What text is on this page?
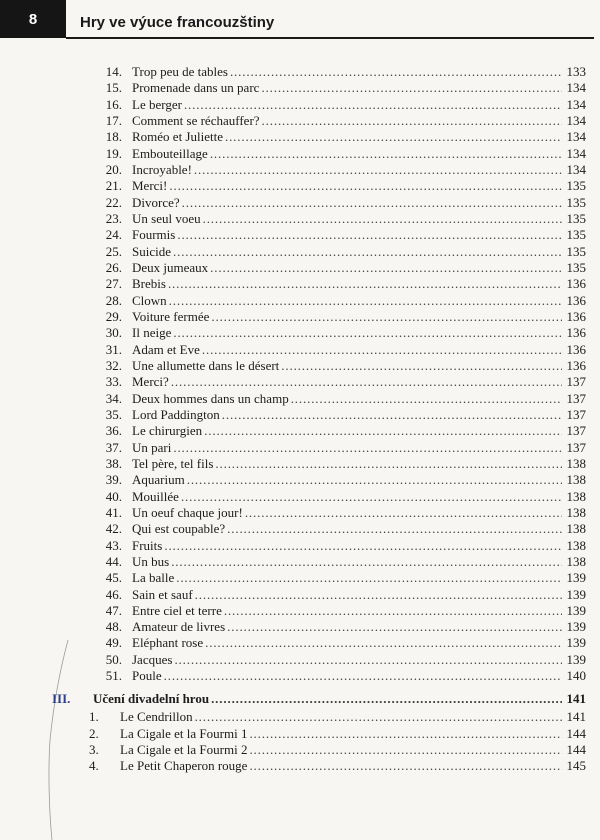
8	Hry ve výuce francouzštiny
14. Trop peu de tables . . .	133
15. Promenade dans un parc . . .	134
16. Le berger . . .	134
17. Comment se réchauffer? . . .	134
18. Roméo et Juliette . . .	134
19. Embouteillage . . .	134
20. Incroyable! . . .	134
21. Merci! . . .	135
22. Divorce? . . .	135
23. Un seul voeu . . .	135
24. Fourmis . . .	135
25. Suicide . . .	135
26. Deux jumeaux . . .	135
27. Brebis . . .	136
28. Clown . . .	136
29. Voiture fermée . . .	136
30. Il neige . . .	136
31. Adam et Eve . . .	136
32. Une allumette dans le désert . . .	136
33. Merci? . . .	137
34. Deux hommes dans un champ . . .	137
35. Lord Paddington . . .	137
36. Le chirurgien . . .	137
37. Un pari . . .	137
38. Tel père, tel fils . . .	138
39. Aquarium . . .	138
40. Mouillée . . .	138
41. Un oeuf chaque jour! . . .	138
42. Qui est coupable? . . .	138
43. Fruits . . .	138
44. Un bus . . .	138
45. La balle . . .	139
46. Sain et sauf . . .	139
47. Entre ciel et terre . . .	139
48. Amateur de livres . . .	139
49. Eléphant rose . . .	139
50. Jacques . . .	139
51. Poule . . .	140
III. Učení divadelní hrou . . .	141
1. Le Cendrillon . . .	141
2. La Cigale et la Fourmi 1 . . .	144
3. La Cigale et la Fourmi 2 . . .	144
4. Le Petit Chaperon rouge . . .	145
